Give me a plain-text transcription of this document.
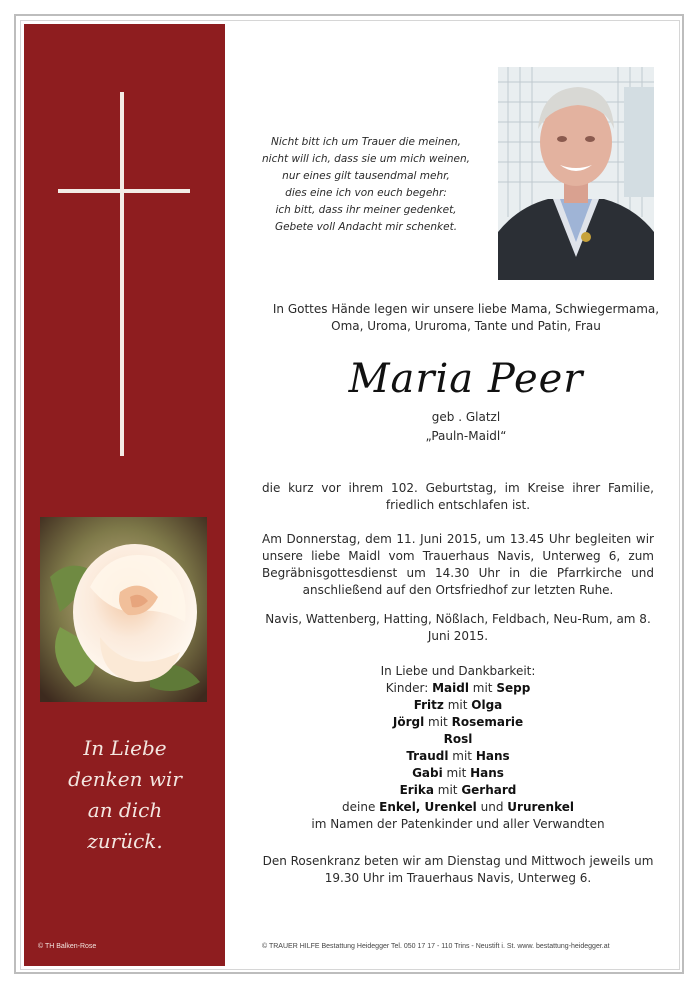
In Liebe
denken wir
an dich
zurück.
© TH Balken-Rose
Nicht bitt ich um Trauer die meinen,
nicht will ich, dass sie um mich weinen,
nur eines gilt tausendmal mehr,
dies eine ich von euch begehr:
ich bitt, dass ihr meiner gedenket,
Gebete voll Andacht mir schenket.
In Gottes Hände legen wir unsere liebe Mama, Schwiegermama, Oma, Uroma, Ururoma, Tante und Patin, Frau
Maria Peer
geb . Glatzl
„Pauln-Maidl“
die kurz vor ihrem 102. Geburtstag, im Kreise ihrer Familie, friedlich entschlafen ist.
Am Donnerstag, dem 11. Juni 2015, um 13.45 Uhr begleiten wir unsere liebe Maidl vom Trauerhaus Navis, Unterweg 6, zum Begräbnisgottesdienst um 14.30 Uhr in die Pfarrkirche und anschließend auf den Ortsfriedhof zur letzten Ruhe.
Navis, Wattenberg, Hatting, Nößlach, Feldbach, Neu-Rum, am 8. Juni 2015.
In Liebe und Dankbarkeit:
Kinder: Maidl mit Sepp
Fritz mit Olga
Jörgl mit Rosemarie
Rosl
Traudl mit Hans
Gabi mit Hans
Erika mit Gerhard
deine Enkel, Urenkel und Ururenkel
im Namen der Patenkinder und aller Verwandten
Den Rosenkranz beten wir am Dienstag und Mittwoch jeweils um 19.30 Uhr im Trauerhaus Navis, Unterweg 6.
© TRAUER HILFE Bestattung Heidegger Tel. 050 17 17 - 110 Trins - Neustift i. St. www. bestattung-heidegger.at
